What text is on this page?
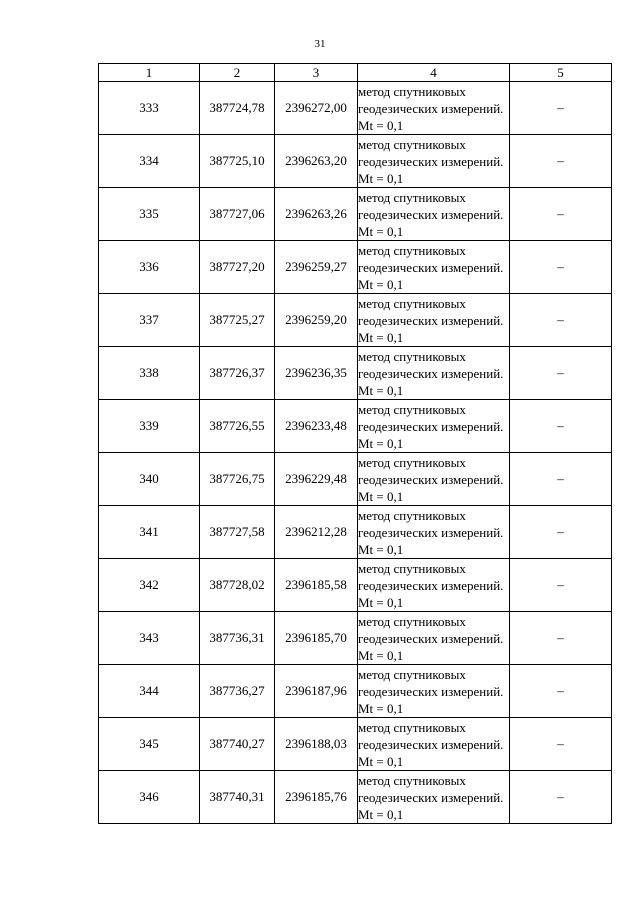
31
1	2	3	4	5
333	387724,78	2396272,00	метод спутниковых геодезических измерений. Mt = 0,1	–
334	387725,10	2396263,20	метод спутниковых геодезических измерений. Mt = 0,1	–
335	387727,06	2396263,26	метод спутниковых геодезических измерений. Mt = 0,1	–
336	387727,20	2396259,27	метод спутниковых геодезических измерений. Mt = 0,1	–
337	387725,27	2396259,20	метод спутниковых геодезических измерений. Mt = 0,1	–
338	387726,37	2396236,35	метод спутниковых геодезических измерений. Mt = 0,1	–
339	387726,55	2396233,48	метод спутниковых геодезических измерений. Mt = 0,1	–
340	387726,75	2396229,48	метод спутниковых геодезических измерений. Mt = 0,1	–
341	387727,58	2396212,28	метод спутниковых геодезических измерений. Mt = 0,1	–
342	387728,02	2396185,58	метод спутниковых геодезических измерений. Mt = 0,1	–
343	387736,31	2396185,70	метод спутниковых геодезических измерений. Mt = 0,1	–
344	387736,27	2396187,96	метод спутниковых геодезических измерений. Mt = 0,1	–
345	387740,27	2396188,03	метод спутниковых геодезических измерений. Mt = 0,1	–
346	387740,31	2396185,76	метод спутниковых геодезических измерений. Mt = 0,1	–
